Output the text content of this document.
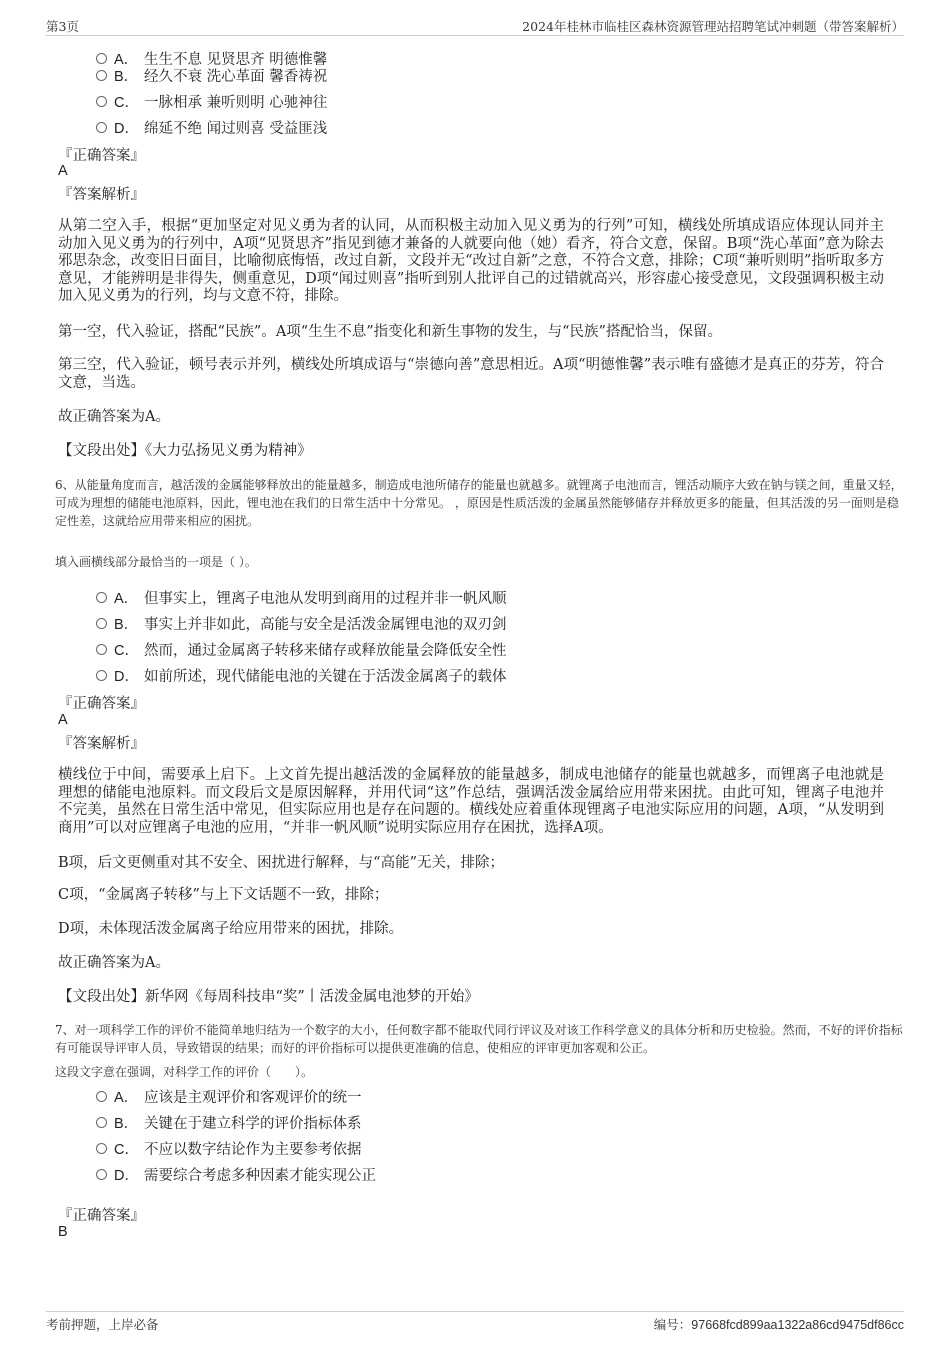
第3页	2024年桂林市临桂区森林资源管理站招聘笔试冲刺题（带答案解析）
A． 生生不息 见贤思齐 明德惟馨
B． 经久不衰 洗心革面 馨香祷祝
C． 一脉相承 兼听则明 心驰神往
D． 绵延不绝 闻过则喜 受益匪浅
『正确答案』
A
『答案解析』
从第二空入手，根据“更加坚定对见义勇为者的认同，从而积极主动加入见义勇为的行列”可知，横线处所填成语应体现认同并主动加入见义勇为的行列中，A项“见贤思齐”指见到德才兼备的人就要向他（她）看齐，符合文意，保留。B项“洗心革面”意为除去邪思杂念，改变旧日面目，比喻彻底悔悟，改过自新，文段并无“改过自新”之意，不符合文意，排除；C项“兼听则明”指听取多方意见，才能辨明是非得失，侧重意见，D项“闻过则喜”指听到别人批评自己的过错就高兴，形容虚心接受意见，文段强调积极主动加入见义勇为的行列，均与文意不符，排除。
第一空，代入验证，搭配“民族”。A项“生生不息”指变化和新生事物的发生，与“民族”搭配恰当，保留。
第三空，代入验证，顿号表示并列，横线处所填成语与“崇德向善”意思相近。A项“明德惟馨”表示唯有盛德才是真正的芬芳，符合文意，当选。
故正确答案为A。
【文段出处】《大力弘扬见义勇为精神》
6、从能量角度而言，越活泼的金属能够释放出的能量越多，制造成电池所储存的能量也就越多。就锂离子电池而言，锂活动顺序大致在钠与镁之间，重量又轻，可成为理想的储能电池原料，因此，锂电池在我们的日常生活中十分常见。 ，原因是性质活泼的金属虽然能够储存并释放更多的能量，但其活泼的另一面则是稳定性差，这就给应用带来相应的困扰。
填入画横线部分最恰当的一项是（ ）。
A． 但事实上，锂离子电池从发明到商用的过程并非一帆风顺
B． 事实上并非如此，高能与安全是活泼金属锂电池的双刃剑
C． 然而，通过金属离子转移来储存或释放能量会降低安全性
D． 如前所述，现代储能电池的关键在于活泼金属离子的载体
『正确答案』
A
『答案解析』
横线位于中间，需要承上启下。上文首先提出越活泼的金属释放的能量越多，制成电池储存的能量也就越多，而锂离子电池就是理想的储能电池原料。而文段后文是原因解释，并用代词“这”作总结，强调活泼金属给应用带来困扰。由此可知，锂离子电池并不完美，虽然在日常生活中常见，但实际应用也是存在问题的。横线处应着重体现锂离子电池实际应用的问题，A项，“从发明到商用”可以对应锂离子电池的应用，“并非一帆风顺”说明实际应用存在困扰，选择A项。
B项，后文更侧重对其不安全、困扰进行解释，与“高能”无关，排除；
C项，“金属离子转移”与上下文话题不一致，排除；
D项，未体现活泼金属离子给应用带来的困扰，排除。
故正确答案为A。
【文段出处】新华网《每周科技串“奖”丨活泼金属电池梦的开始》
7、对一项科学工作的评价不能简单地归结为一个数字的大小，任何数字都不能取代同行评议及对该工作科学意义的具体分析和历史检验。然而，不好的评价指标有可能误导评审人员，导致错误的结果；而好的评价指标可以提供更准确的信息，使相应的评审更加客观和公正。
这段文字意在强调，对科学工作的评价（　　）。
A． 应该是主观评价和客观评价的统一
B． 关键在于建立科学的评价指标体系
C． 不应以数字结论作为主要参考依据
D． 需要综合考虑多种因素才能实现公正
『正确答案』
B
考前押题，上岸必备	编号：97668fcd899aa1322a86cd9475df86cc
